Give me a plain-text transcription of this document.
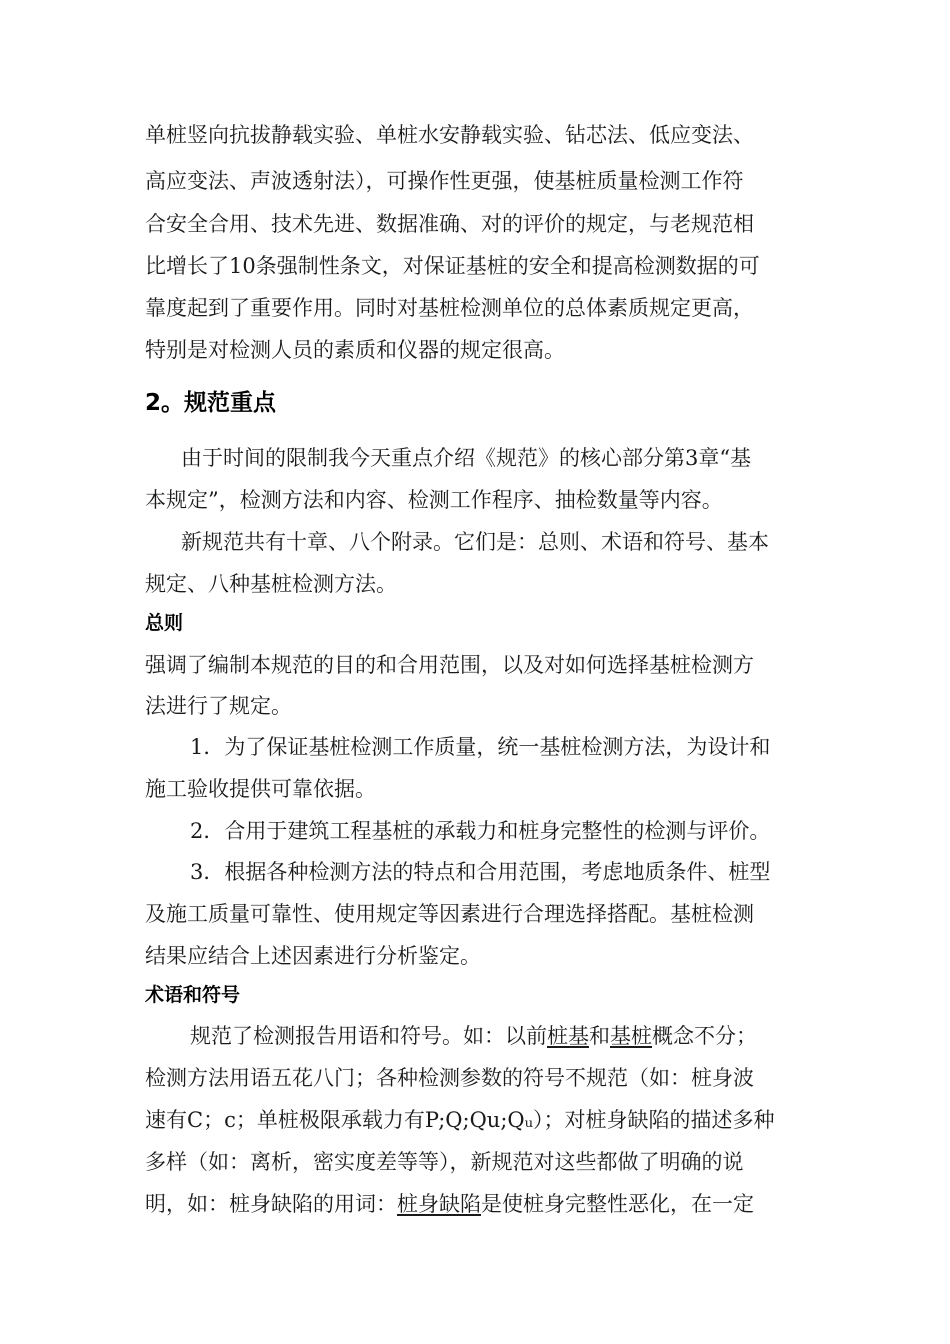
单桩竖向抗拔静载实验、单桩水安静载实验、钻芯法、低应变法、
高应变法、声波透射法），可操作性更强，使基桩质量检测工作符
合安全合用、技术先进、数据准确、对的评价的规定，与老规范相
比增长了10条强制性条文，对保证基桩的安全和提高检测数据的可
靠度起到了重要作用。同时对基桩检测单位的总体素质规定更高，
特别是对检测人员的素质和仪器的规定很高。
2。规范重点
由于时间的限制我今天重点介绍《规范》的核心部分第3章“基
本规定”，检测方法和内容、检测工作程序、抽检数量等内容。
新规范共有十章、八个附录。它们是：总则、术语和符号、基本
规定、八种基桩检测方法。
总则
强调了编制本规范的目的和合用范围，以及对如何选择基桩检测方
法进行了规定。
1．为了保证基桩检测工作质量，统一基桩检测方法，为设计和
施工验收提供可靠依据。
2．合用于建筑工程基桩的承载力和桩身完整性的检测与评价。
3．根据各种检测方法的特点和合用范围，考虑地质条件、桩型
及施工质量可靠性、使用规定等因素进行合理选择搭配。基桩检测
结果应结合上述因素进行分析鉴定。
术语和符号
规范了检测报告用语和符号。如：以前桩基和基桩概念不分；
检测方法用语五花八门；各种检测参数的符号不规范（如：桩身波
速有C；c；单桩极限承载力有P;Q;Qu;Qᵤ）；对桩身缺陷的描述多种
多样（如：离析，密实度差等等），新规范对这些都做了明确的说
明，如：桩身缺陷的用词：桩身缺陷是使桩身完整性恶化，在一定
